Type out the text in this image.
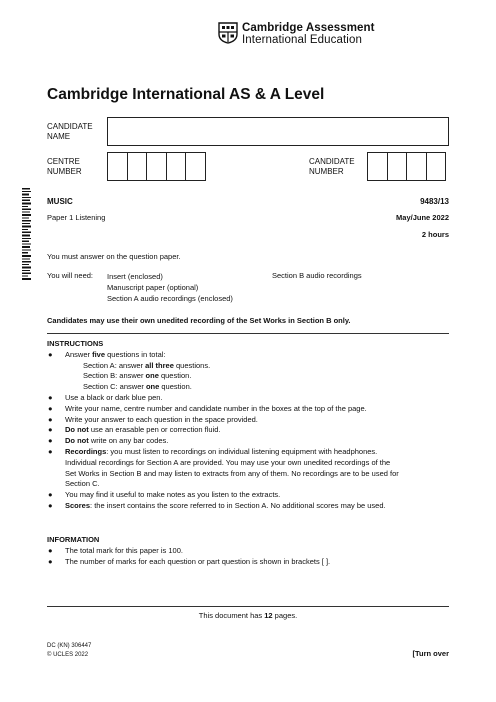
Cambridge Assessment
International Education
Cambridge International AS & A Level
CANDIDATE
NAME
CENTRE
NUMBER
CANDIDATE
NUMBER
MUSIC	9483/13
Paper 1 Listening	May/June 2022
2 hours
You must answer on the question paper.
You will need: Insert (enclosed)
Manuscript paper (optional)
Section A audio recordings (enclosed)
Section B audio recordings
Candidates may use their own unedited recording of the Set Works in Section B only.
INSTRUCTIONS
● Answer five questions in total:
Section A: answer all three questions.
Section B: answer one question.
Section C: answer one question.
● Use a black or dark blue pen.
● Write your name, centre number and candidate number in the boxes at the top of the page.
● Write your answer to each question in the space provided.
● Do not use an erasable pen or correction fluid.
● Do not write on any bar codes.
● Recordings: you must listen to recordings on individual listening equipment with headphones.
Individual recordings for Section A are provided. You may use your own unedited recordings of the
Set Works in Section B and may listen to extracts from any of them. No recordings are to be used for
Section C.
● You may find it useful to make notes as you listen to the extracts.
● Scores: the insert contains the score referred to in Section A. No additional scores may be used.
INFORMATION
● The total mark for this paper is 100.
● The number of marks for each question or part question is shown in brackets [ ].
This document has 12 pages.
DC (KN) 306447
© UCLES 2022	[Turn over
